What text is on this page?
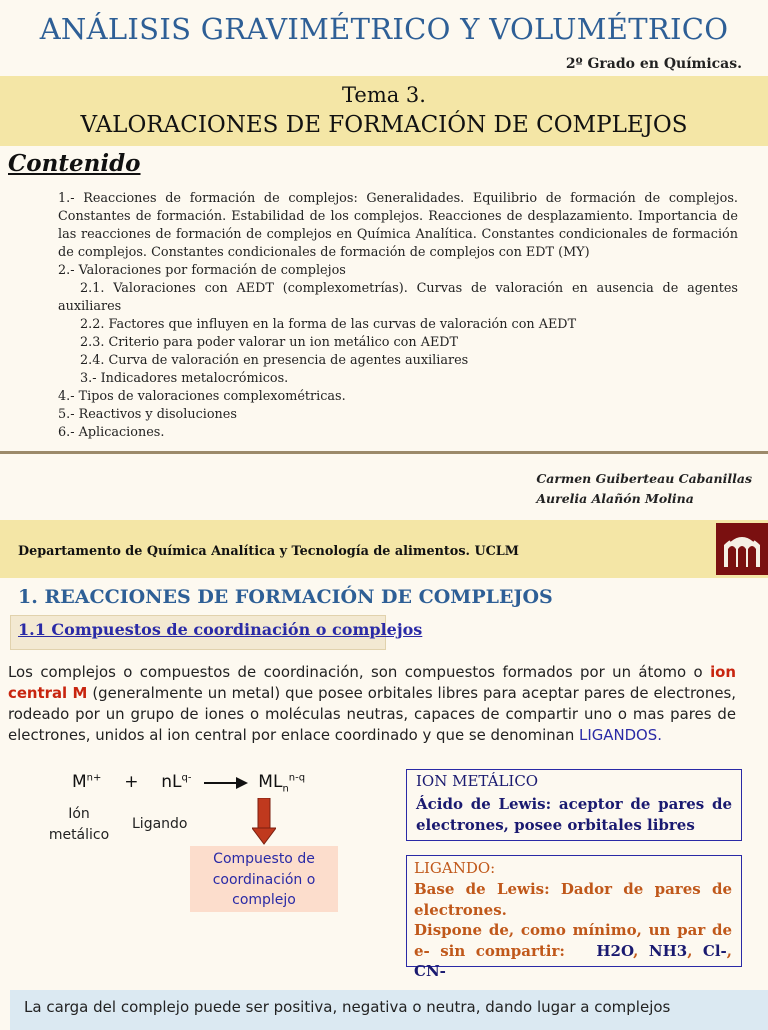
ANÁLISIS GRAVIMÉTRICO Y VOLUMÉTRICO
2º Grado en Químicas.
Tema 3.
VALORACIONES DE FORMACIÓN DE COMPLEJOS
Contenido

1.- Reacciones de formación de complejos: Generalidades. Equilibrio de formación de complejos. Constantes de formación. Estabilidad de los complejos. Reacciones de desplazamiento. Importancia de las reacciones de formación de complejos en Química Analítica. Constantes condicionales de formación de complejos. Constantes condicionales de formación de complejos con EDT (MY)

2.- Valoraciones por formación de complejos

2.1. Valoraciones con AEDT (complexometrías). Curvas de valoración en ausencia de agentes auxiliares

2.2. Factores que influyen en la forma de las curvas de valoración con AEDT

2.3. Criterio para poder valorar un ion metálico con AEDT

2.4. Curva de valoración en presencia de agentes auxiliares

3.- Indicadores metalocrómicos.

4.- Tipos de valoraciones complexométricas.

5.- Reactivos y disoluciones

6.- Aplicaciones.

Carmen Guiberteau Cabanillas
Aurelia Alañón Molina
Departamento de Química Analítica y Tecnología de alimentos. UCLM
1. REACCIONES DE FORMACIÓN DE COMPLEJOS
1.1 Compuestos de coordinación o complejos
Los complejos o compuestos de coordinación, son compuestos formados por un átomo o ion central M (generalmente un metal) que posee orbitales libres para aceptar pares de electrones, rodeado por un grupo de iones o moléculas neutras, capaces de compartir uno o mas pares de electrones, unidos al ion central por enlace coordinado y que se denominan LIGANDOS.
$M^{n+} + nL^{q-}$	$ML_n^{n-q}$
Ión metálico
Ligando
Compuesto de coordinación o complejo
ION METÁLICO
Ácido de Lewis: aceptor de pares de electrones, posee orbitales libres
LIGANDO:
Base de Lewis: Dador de pares de electrones.
Dispone de, como mínimo, un par de e- sin compartir: H2O, NH3, Cl-, CN-
La carga del complejo puede ser positiva, negativa o neutra, dando lugar a complejos
